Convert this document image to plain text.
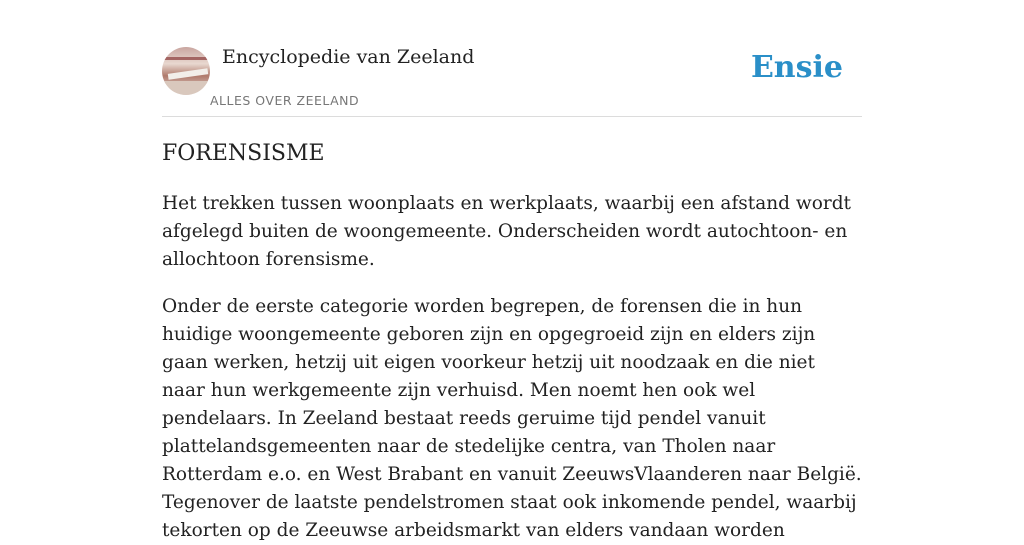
Encyclopedie van Zeeland
ALLES OVER ZEELAND
Ensie
FORENSISME

Het trekken tussen woonplaats en werkplaats, waarbij een afstand wordt afgelegd buiten de woongemeente. Onderscheiden wordt autochtoon- en allochtoon forensisme.

Onder de eerste categorie worden begrepen, de forensen die in hun huidige woongemeente geboren zijn en opgegroeid zijn en elders zijn gaan werken, hetzij uit eigen voorkeur hetzij uit noodzaak en die niet naar hun werkgemeente zijn verhuisd. Men noemt hen ook wel pendelaars. In Zeeland bestaat reeds geruime tijd pendel vanuit plattelandsgemeenten naar de stedelijke centra, van Tholen naar Rotterdam e.o. en West Brabant en vanuit ZeeuwsVlaanderen naar België. Tegenover de laatste pendelstromen staat ook inkomende pendel, waarbij tekorten op de Zeeuwse arbeidsmarkt van elders vandaan worden
